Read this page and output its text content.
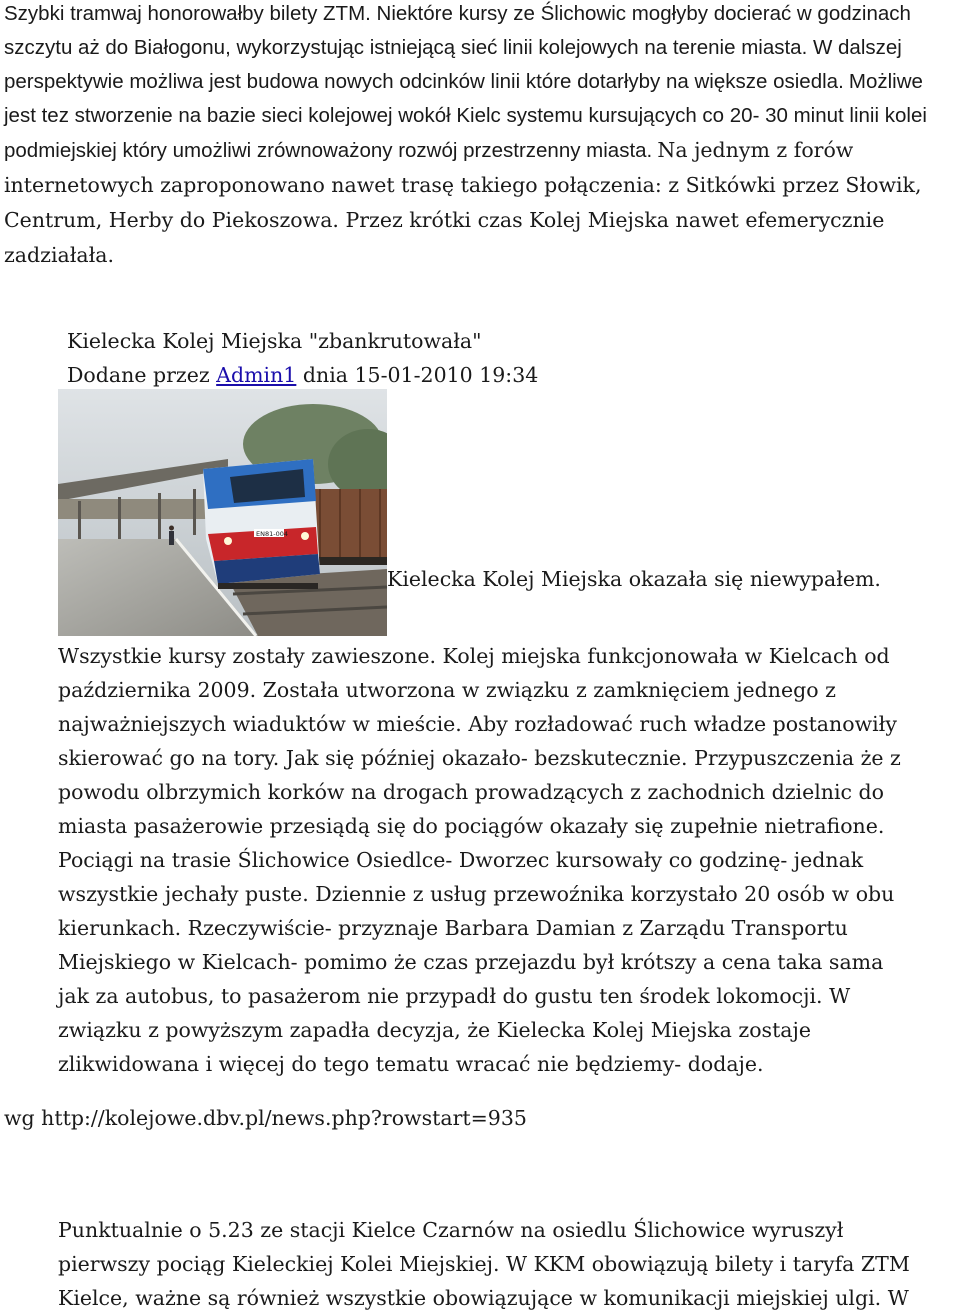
Szybki tramwaj honorowałby bilety ZTM. Niektóre kursy ze Ślichowic mogłyby docierać w godzinach szczytu aż do Białogonu, wykorzystując istniejącą sieć linii kolejowych na terenie miasta. W dalszej perspektywie możliwa jest budowa nowych odcinków linii które dotarłyby na większe osiedla. Możliwe jest tez stworzenie na bazie sieci kolejowej wokół Kielc systemu kursujących co 20- 30 minut linii kolei podmiejskiej który umożliwi zrównoważony rozwój przestrzenny miasta. Na jednym z forów internetowych zaproponowano nawet trasę takiego połączenia: z Sitkówki przez Słowik, Centrum, Herby do Piekoszowa. Przez krótki czas Kolej Miejska nawet efemerycznie zadziałała.

Kielecka Kolej Miejska "zbankrutowała"
Dodane przez Admin1 dnia 15-01-2010 19:34
EN81-004
Kielecka Kolej Miejska okazała się niewypałem.

Wszystkie kursy zostały zawieszone. Kolej miejska funkcjonowała w Kielcach od października 2009. Została utworzona w związku z zamknięciem jednego z najważniejszych wiaduktów w mieście. Aby rozładować ruch władze postanowiły skierować go na tory. Jak się później okazało- bezskutecznie. Przypuszczenia że z powodu olbrzymich korków na drogach prowadzących z zachodnich dzielnic do miasta pasażerowie przesiądą się do pociągów okazały się zupełnie nietrafione. Pociągi na trasie Ślichowice Osiedlce- Dworzec kursowały co godzinę- jednak wszystkie jechały puste. Dziennie z usług przewoźnika korzystało 20 osób w obu kierunkach. Rzeczywiście- przyznaje Barbara Damian z Zarządu Transportu Miejskiego w Kielcach- pomimo że czas przejazdu był krótszy a cena taka sama jak za autobus, to pasażerom nie przypadł do gustu ten środek lokomocji. W związku z powyższym zapadła decyzja, że Kielecka Kolej Miejska zostaje zlikwidowana i więcej do tego tematu wracać nie będziemy- dodaje.

wg http://kolejowe.dbv.pl/news.php?rowstart=935

Punktualnie o 5.23 ze stacji Kielce Czarnów na osiedlu Ślichowice wyruszył pierwszy pociąg Kieleckiej Kolei Miejskiej. W KKM obowiązują bilety i taryfa ZTM Kielce, ważne są również wszystkie obowiązujące w komunikacji miejskiej ulgi. W
